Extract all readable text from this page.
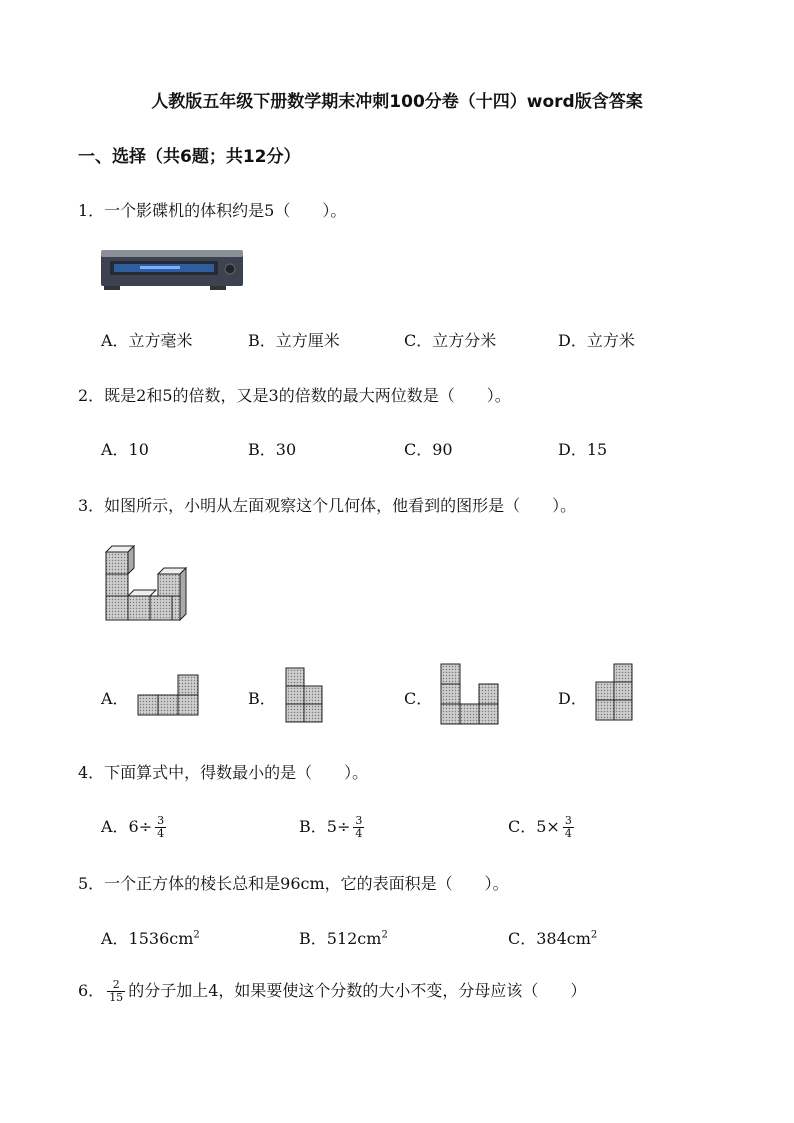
人教版五年级下册数学期末冲刺100分卷（十四）word版含答案
一、选择（共6题；共12分）
1．一个影碟机的体积约是5（　　）。
A．立方毫米	B．立方厘米	C．立方分米	D．立方米
2．既是2和5的倍数，又是3的倍数的最大两位数是（　　）。
A．10	B．30	C．90	D．15
3．如图所示，小明从左面观察这个几何体，他看到的图形是（　　）。
A．	B．	C．	D．
4．下面算式中，得数最小的是（　　）。
A．$6\div \frac{3}{4}$	B．$5\div \frac{3}{4}$	C．$5\times \frac{3}{4}$
5．一个正方体的棱长总和是96cm，它的表面积是（　　）。
A．$1536cm^2$	B．$512cm^2$	C．$384cm^2$
6． $\frac{2}{15}$ 的分子加上4，如果要使这个分数的大小不变，分母应该（　　）
